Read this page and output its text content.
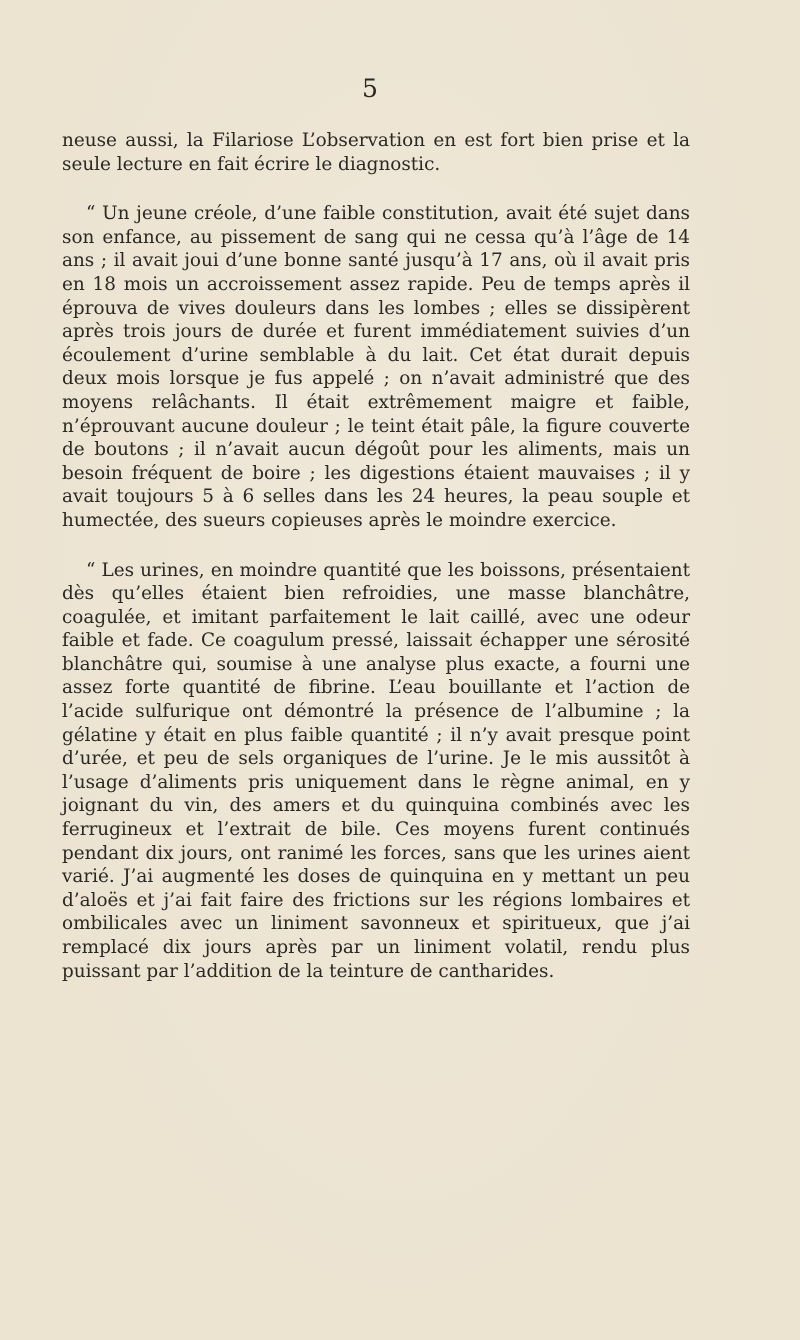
5

neuse aussi, la Filariose L’observation en est fort bien prise et la seule lecture en fait écrire le diagnostic.

“ Un jeune créole, d’une faible constitution, avait été sujet dans son enfance, au pissement de sang qui ne cessa qu’à l’âge de 14 ans ; il avait joui d’une bonne santé jusqu’à 17 ans, où il avait pris en 18 mois un accroissement assez rapide. Peu de temps après il éprouva de vives douleurs dans les lombes ; elles se dissipèrent après trois jours de durée et furent immédiatement suivies d’un écoulement d’urine semblable à du lait. Cet état durait depuis deux mois lorsque je fus appelé ; on n’avait administré que des moyens relâchants. Il était extrêmement maigre et faible, n’éprouvant aucune douleur ; le teint était pâle, la figure couverte de boutons ; il n’avait aucun dégoût pour les aliments, mais un besoin fréquent de boire ; les digestions étaient mauvaises ; il y avait toujours 5 à 6 selles dans les 24 heures, la peau souple et humectée, des sueurs copieuses après le moindre exercice.

“ Les urines, en moindre quantité que les boissons, présentaient dès qu’elles étaient bien refroidies, une masse blanchâtre, coagulée, et imitant parfaitement le lait caillé, avec une odeur faible et fade. Ce coagulum pressé, laissait échapper une sérosité blanchâtre qui, soumise à une analyse plus exacte, a fourni une assez forte quantité de fibrine. L’eau bouillante et l’action de l’acide sulfurique ont démontré la présence de l’albumine ; la gélatine y était en plus faible quantité ; il n’y avait presque point d’urée, et peu de sels organiques de l’urine. Je le mis aussitôt à l’usage d’aliments pris uniquement dans le règne animal, en y joignant du vin, des amers et du quinquina combinés avec les ferrugineux et l’extrait de bile. Ces moyens furent continués pendant dix jours, ont ranimé les forces, sans que les urines aient varié. J’ai augmenté les doses de quinquina en y mettant un peu d’aloës et j’ai fait faire des frictions sur les régions lombaires et ombilicales avec un liniment savonneux et spiritueux, que j’ai remplacé dix jours après par un liniment volatil, rendu plus puissant par l’addition de la teinture de cantharides.
